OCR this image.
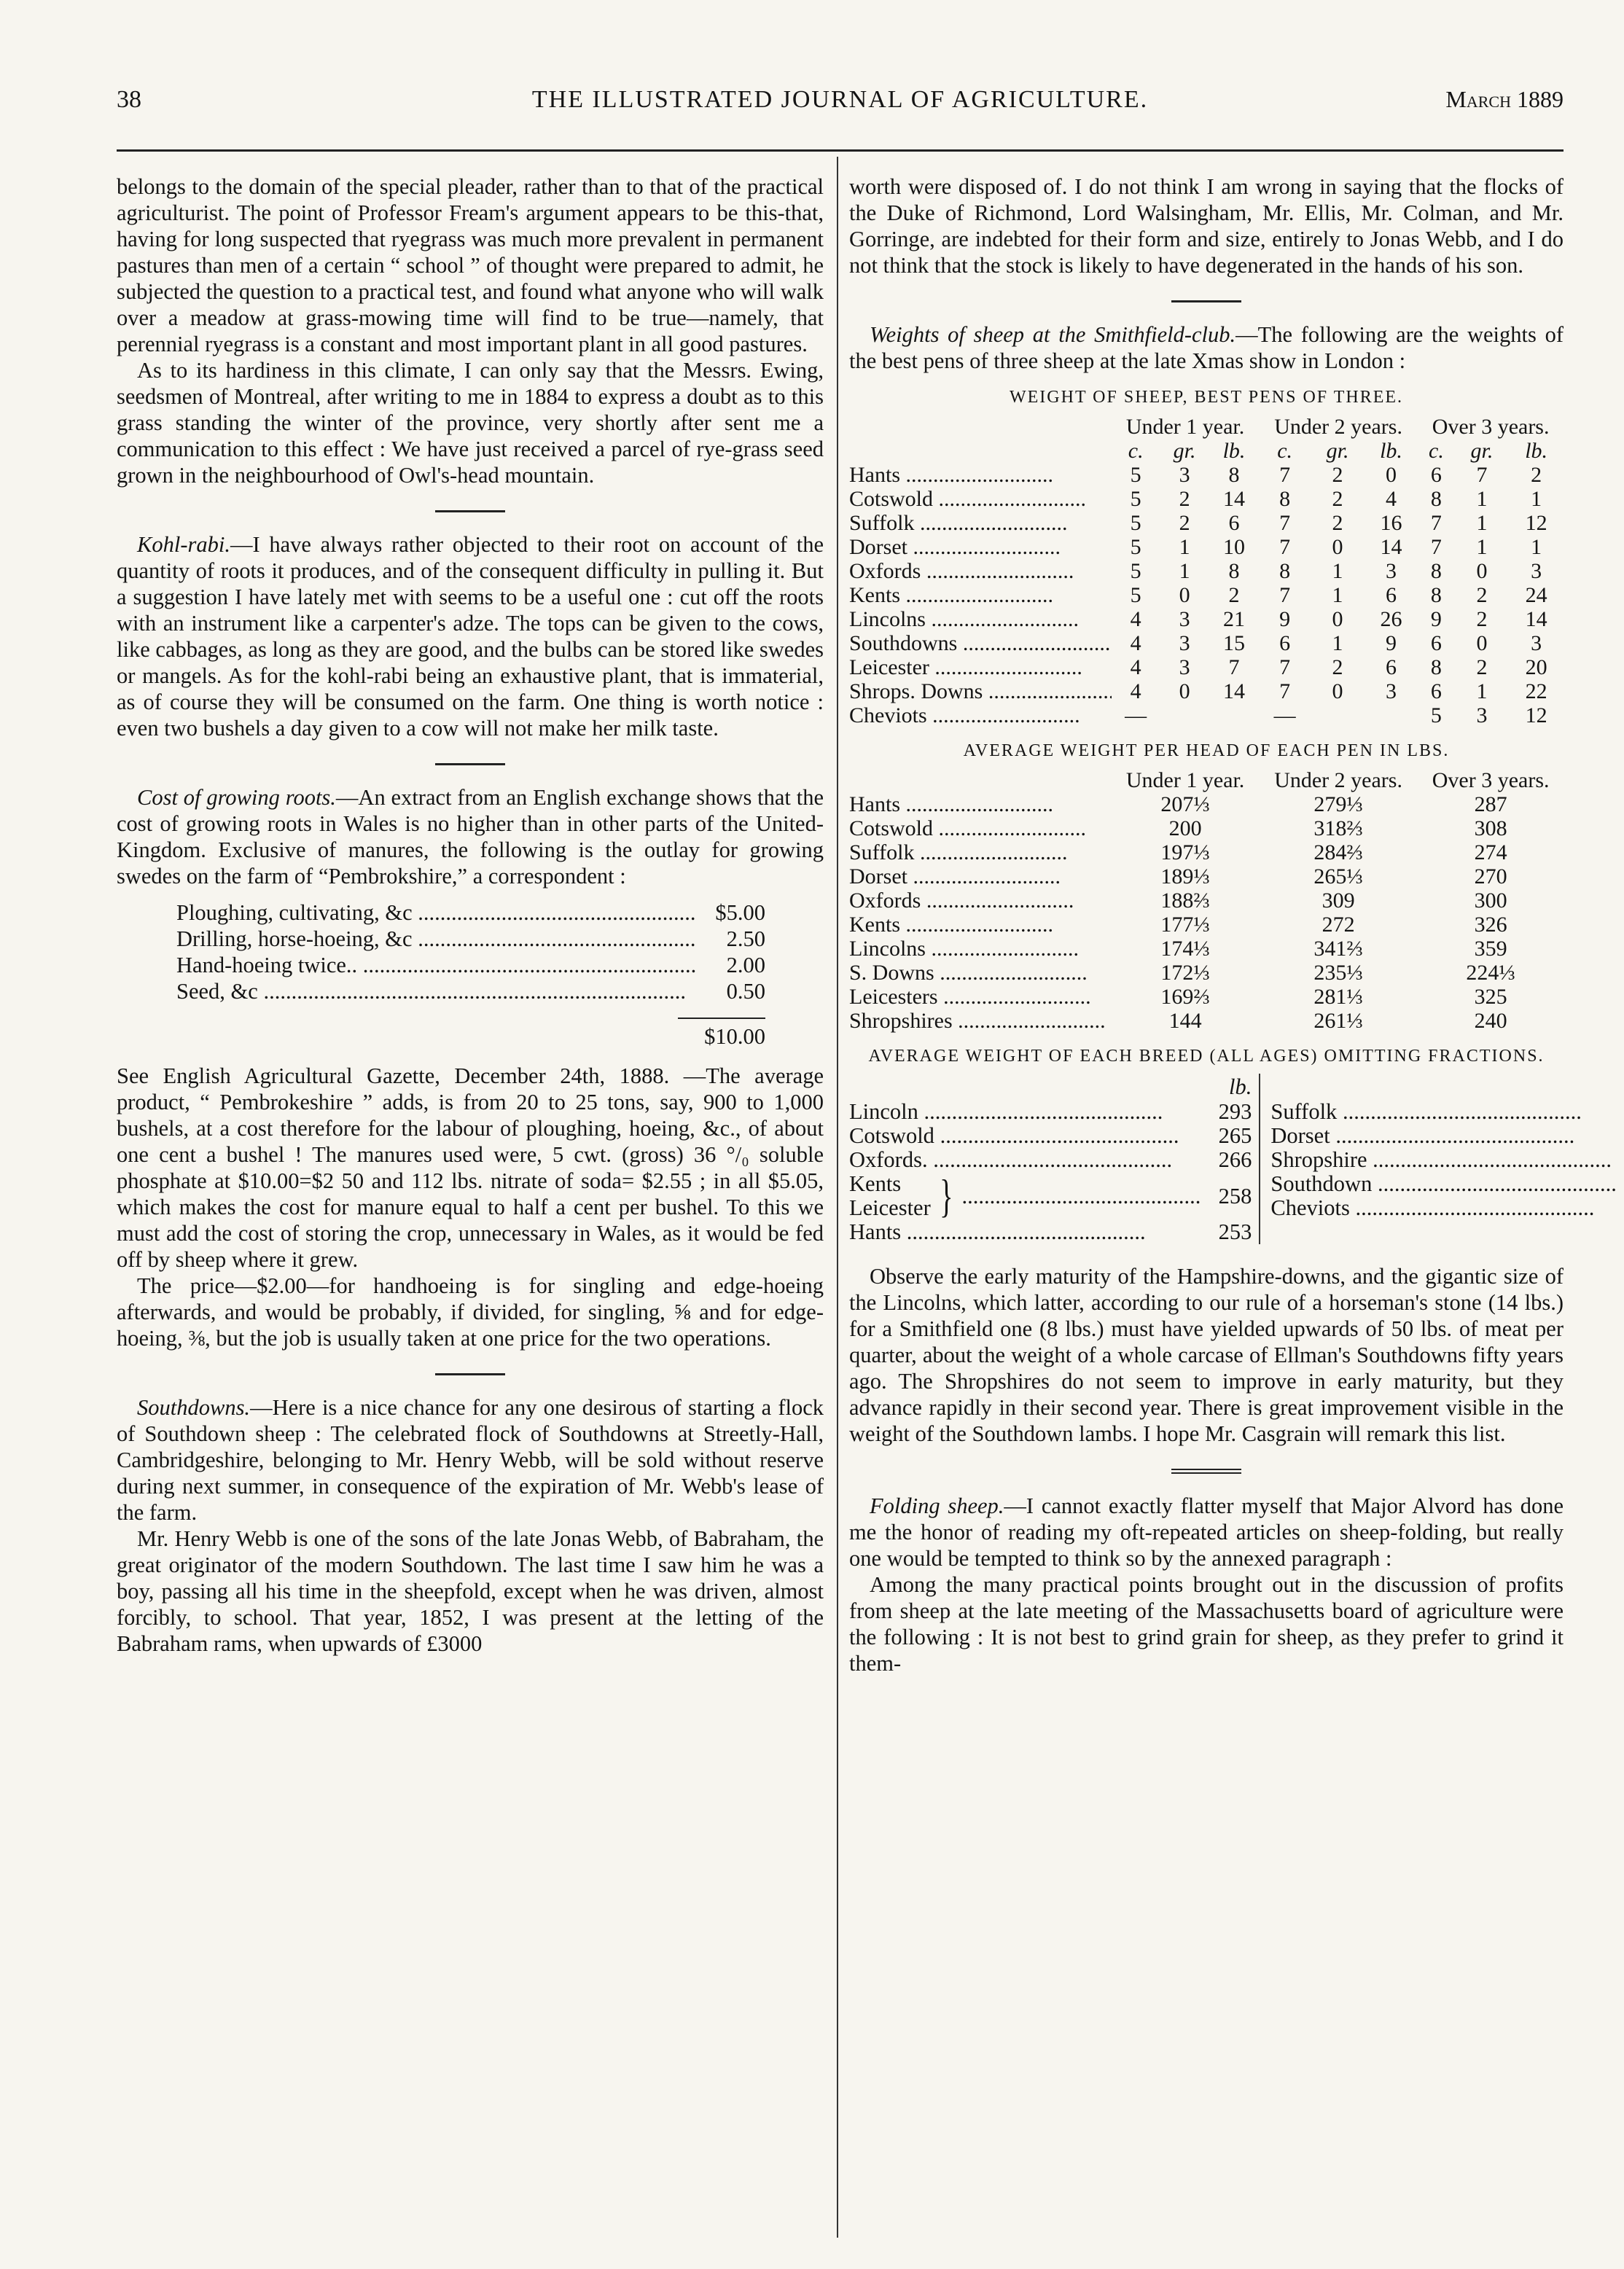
38	THE ILLUSTRATED JOURNAL OF AGRICULTURE.	March 1889

belongs to the domain of the special pleader, rather than to that of the practical agriculturist. The point of Professor Fream's argument appears to be this-that, having for long suspected that ryegrass was much more prevalent in permanent pastures than men of a certain “ school ” of thought were prepared to admit, he subjected the question to a practical test, and found what anyone who will walk over a meadow at grass-mowing time will find to be true—namely, that perennial ryegrass is a constant and most important plant in all good pastures.

As to its hardiness in this climate, I can only say that the Messrs. Ewing, seedsmen of Montreal, after writing to me in 1884 to express a doubt as to this grass standing the winter of the province, very shortly after sent me a communication to this effect : We have just received a parcel of rye-grass seed grown in the neighbourhood of Owl's-head mountain.

Kohl-rabi.—I have always rather objected to their root on account of the quantity of roots it produces, and of the consequent difficulty in pulling it. But a suggestion I have lately met with seems to be a useful one : cut off the roots with an instrument like a carpenter's adze. The tops can be given to the cows, like cabbages, as long as they are good, and the bulbs can be stored like swedes or mangels. As for the kohl-rabi being an exhaustive plant, that is immaterial, as of course they will be consumed on the farm. One thing is worth notice : even two bushels a day given to a cow will not make her milk taste.

Cost of growing roots.—An extract from an English exchange shows that the cost of growing roots in Wales is no higher than in other parts of the United-Kingdom. Exclusive of manures, the following is the outlay for growing swedes on the farm of “Pembrokshire,” a correspondent :

Ploughing, cultivating, &c .....	$5.00
Drilling, horse-hoeing, &c .....	2.50
Hand-hoeing twice.. .....	2.00
Seed, &c .....	0.50
$10.00

See English Agricultural Gazette, December 24th, 1888. —The average product, “ Pembrokeshire ” adds, is from 20 to 25 tons, say, 900 to 1,000 bushels, at a cost therefore for the labour of ploughing, hoeing, &c., of about one cent a bushel ! The manures used were, 5 cwt. (gross) 36 °/₀ soluble phosphate at $10.00=$2 50 and 112 lbs. nitrate of soda= $2.55 ; in all $5.05, which makes the cost for manure equal to half a cent per bushel. To this we must add the cost of storing the crop, unnecessary in Wales, as it would be fed off by sheep where it grew.

The price—$2.00—for handhoeing is for singling and edge-hoeing afterwards, and would be probably, if divided, for singling, ⅝ and for edge-hoeing, ⅜, but the job is usually taken at one price for the two operations.

Southdowns.—Here is a nice chance for any one desirous of starting a flock of Southdown sheep : The celebrated flock of Southdowns at Streetly-Hall, Cambridgeshire, belonging to Mr. Henry Webb, will be sold without reserve during next summer, in consequence of the expiration of Mr. Webb's lease of the farm.

Mr. Henry Webb is one of the sons of the late Jonas Webb, of Babraham, the great originator of the modern Southdown. The last time I saw him he was a boy, passing all his time in the sheepfold, except when he was driven, almost forcibly, to school. That year, 1852, I was present at the letting of the Babraham rams, when upwards of £3000

worth were disposed of. I do not think I am wrong in saying that the flocks of the Duke of Richmond, Lord Walsingham, Mr. Ellis, Mr. Colman, and Mr. Gorringe, are indebted for their form and size, entirely to Jonas Webb, and I do not think that the stock is likely to have degenerated in the hands of his son.

Weights of sheep at the Smithfield-club.—The following are the weights of the best pens of three sheep at the late Xmas show in London :

WEIGHT OF SHEEP, BEST PENS OF THREE.
	Under 1 year.			Under 2 years.			Over 3 years.		
	c.	gr.	lb.	c.	gr.	lb.	c.	gr.	lb.
Hants .....	5	3	8	7	2	0	6	7	2
Cotswold .....	5	2	14	8	2	4	8	1	1
Suffolk .....	5	2	6	7	2	16	7	1	12
Dorset .....	5	1	10	7	0	14	7	1	1
Oxfords .....	5	1	8	8	1	3	8	0	3
Kents .....	5	0	2	7	1	6	8	2	24
Lincolns .....	4	3	21	9	0	26	9	2	14
Southdowns .....	4	3	15	6	1	9	6	0	3
Leicester .....	4	3	7	7	2	6	8	2	20
Shrops. Downs .....	4	0	14	7	0	3	6	1	22
Cheviots .....	—			—			5	3	12
AVERAGE WEIGHT PER HEAD OF EACH PEN IN LBS.
	Under 1 year.	Under 2 years.	Over 3 years.
Hants .....	207⅓	279⅓	287
Cotswold .....	200	318⅔	308
Suffolk .....	197⅓	284⅔	274
Dorset .....	189⅓	265⅓	270
Oxfords .....	188⅔	309	300
Kents .....	177⅓	272	326
Lincolns .....	174⅓	341⅔	359
S. Downs .....	172⅓	235⅓	224⅓
Leicesters .....	169⅔	281⅓	325
Shropshires .....	144	261⅓	240
AVERAGE WEIGHT OF EACH BREED (ALL AGES) OMITTING FRACTIONS.
lb.
Lincoln .....	293
Cotswold .....	265
Oxfords. .....	266
Kents
Leicester } .....	258
Hants .....	253
Suffolk .....
Dorset .....
Shropshire .....
Southdown .....
Cheviots .....

Observe the early maturity of the Hampshire-downs, and the gigantic size of the Lincolns, which latter, according to our rule of a horseman's stone (14 lbs.) for a Smithfield one (8 lbs.) must have yielded upwards of 50 lbs. of meat per quarter, about the weight of a whole carcase of Ellman's Southdowns fifty years ago. The Shropshires do not seem to improve in early maturity, but they advance rapidly in their second year. There is great improvement visible in the weight of the Southdown lambs. I hope Mr. Casgrain will remark this list.

Folding sheep.—I cannot exactly flatter myself that Major Alvord has done me the honor of reading my oft-repeated articles on sheep-folding, but really one would be tempted to think so by the annexed paragraph :

Among the many practical points brought out in the discussion of profits from sheep at the late meeting of the Massachusetts board of agriculture were the following : It is not best to grind grain for sheep, as they prefer to grind it them-
